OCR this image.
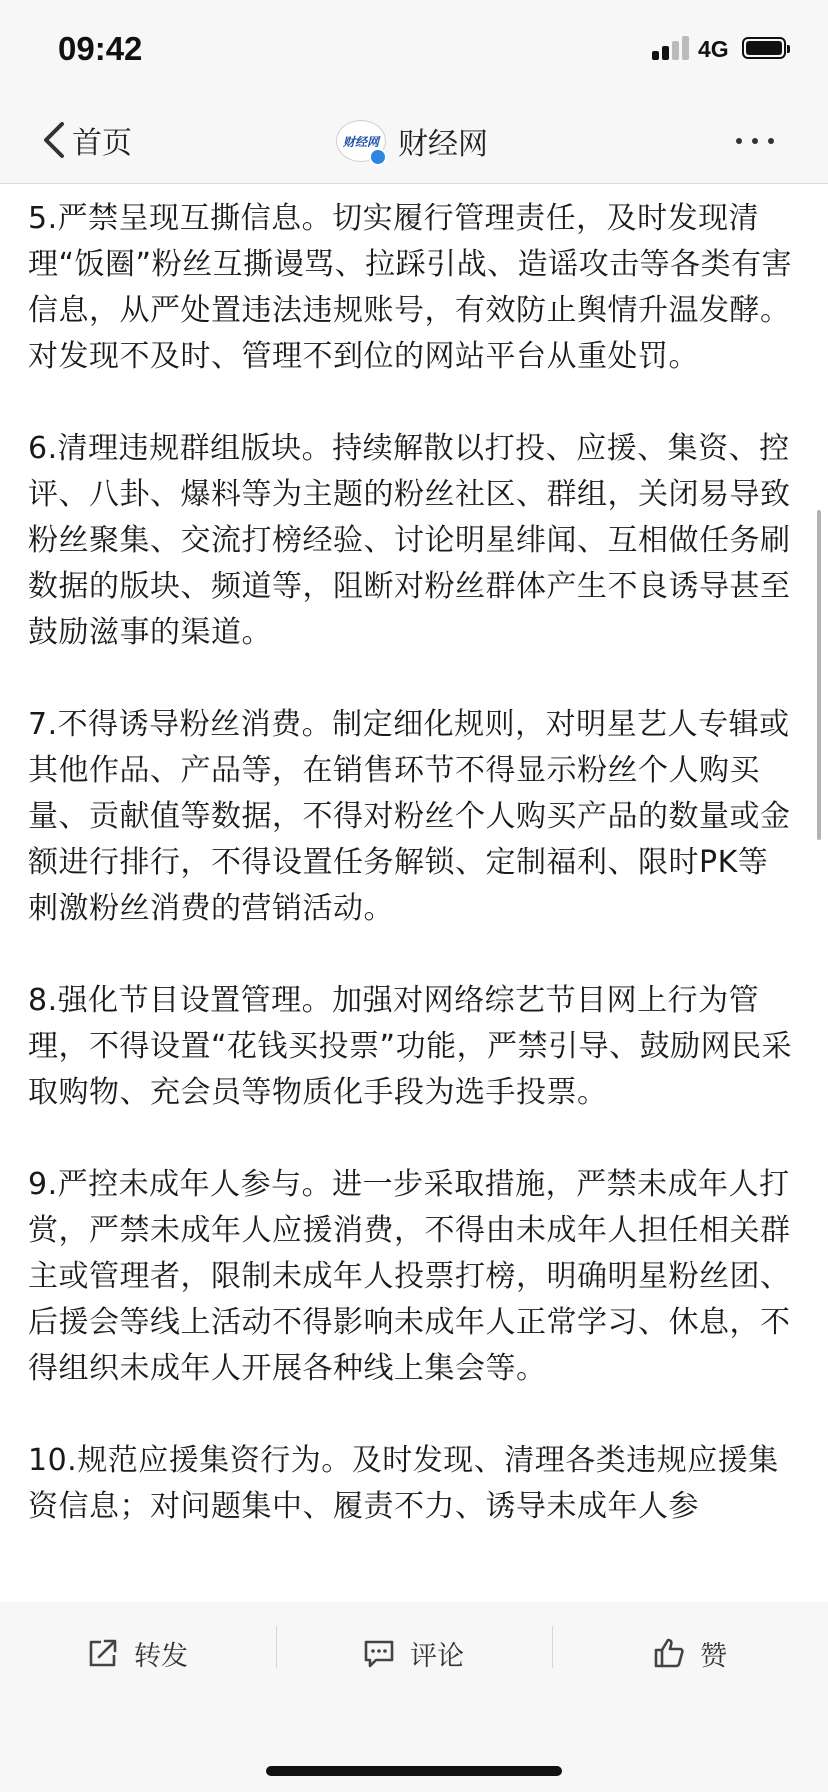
09:42	4G
首页	财经网 财经网

5.严禁呈现互撕信息。切实履行管理责任，及时发现清理“饭圈”粉丝互撕谩骂、拉踩引战、造谣攻击等各类有害信息，从严处置违法违规账号，有效防止舆情升温发酵。对发现不及时、管理不到位的网站平台从重处罚。

6.清理违规群组版块。持续解散以打投、应援、集资、控评、八卦、爆料等为主题的粉丝社区、群组，关闭易导致粉丝聚集、交流打榜经验、讨论明星绯闻、互相做任务刷数据的版块、频道等，阻断对粉丝群体产生不良诱导甚至鼓励滋事的渠道。

7.不得诱导粉丝消费。制定细化规则，对明星艺人专辑或其他作品、产品等，在销售环节不得显示粉丝个人购买量、贡献值等数据，不得对粉丝个人购买产品的数量或金额进行排行，不得设置任务解锁、定制福利、限时PK等刺激粉丝消费的营销活动。

8.强化节目设置管理。加强对网络综艺节目网上行为管理，不得设置“花钱买投票”功能，严禁引导、鼓励网民采取购物、充会员等物质化手段为选手投票。

9.严控未成年人参与。进一步采取措施，严禁未成年人打赏，严禁未成年人应援消费，不得由未成年人担任相关群主或管理者，限制未成年人投票打榜，明确明星粉丝团、后援会等线上活动不得影响未成年人正常学习、休息，不得组织未成年人开展各种线上集会等。

10.规范应援集资行为。及时发现、清理各类违规应援集资信息；对问题集中、履责不力、诱导未成年人参

转发	评论	赞
